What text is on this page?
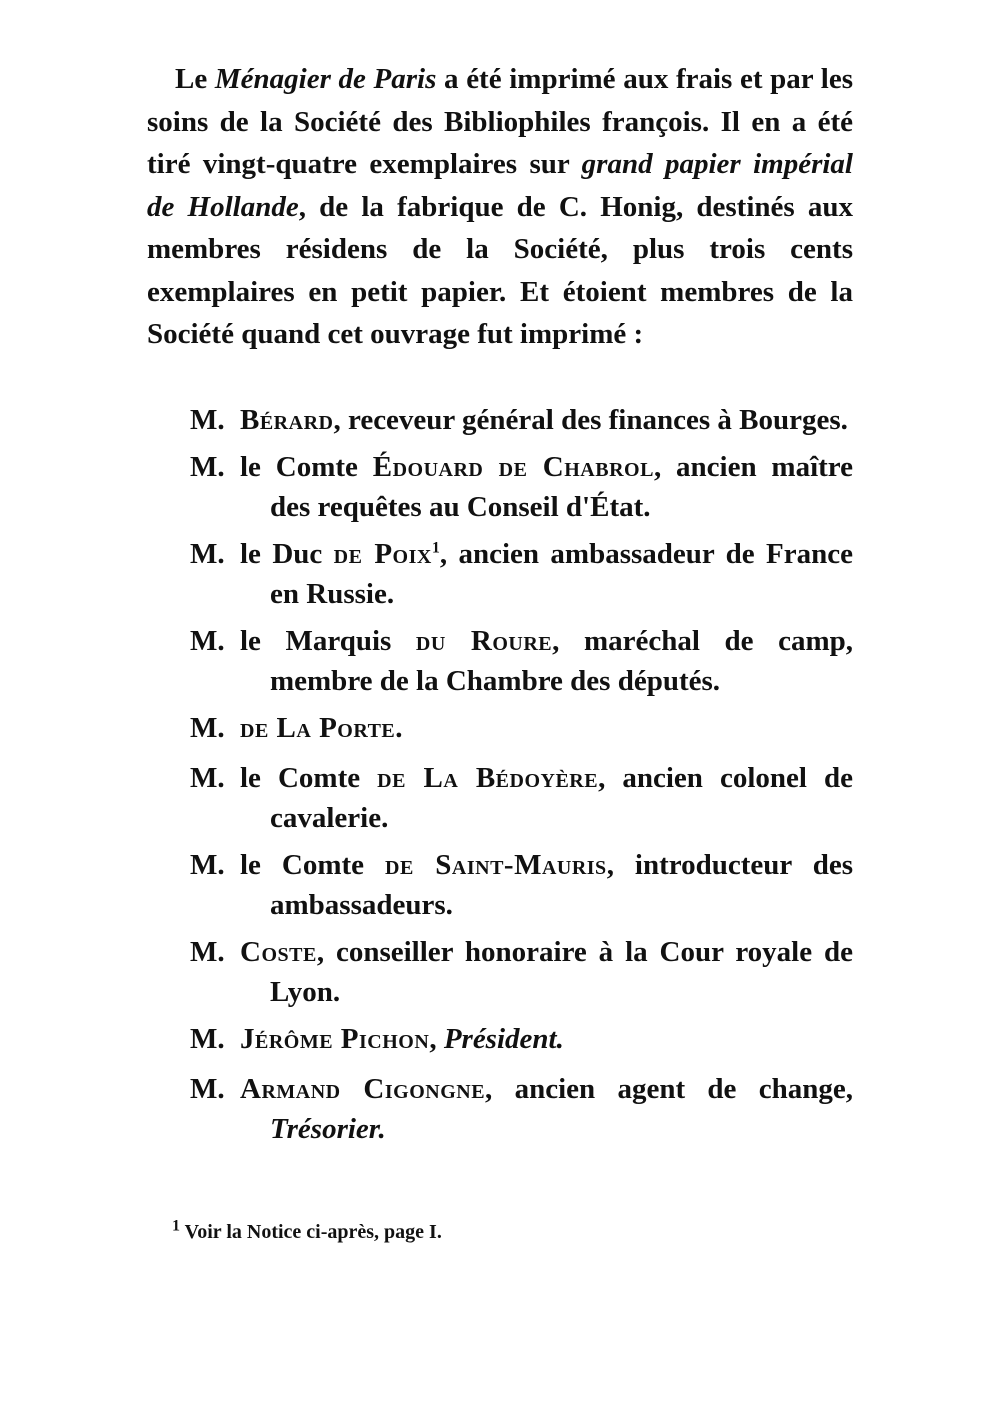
Le Ménagier de Paris a été imprimé aux frais et par les soins de la Société des Bibliophiles françois. Il en a été tiré vingt-quatre exemplaires sur grand papier impérial de Hollande, de la fabrique de C. Honig, destinés aux membres résidens de la Société, plus trois cents exemplaires en petit papier. Et étoient membres de la Société quand cet ouvrage fut imprimé :

M. Bérard, receveur général des finances à Bourges.
M. le Comte Édouard de Chabrol, ancien maître des requêtes au Conseil d'État.
M. le Duc de Poix$^1$, ancien ambassadeur de France en Russie.
M. le Marquis du Roure, maréchal de camp, membre de la Chambre des députés.
M. de La Porte.
M. le Comte de La Bédoyère, ancien colonel de cavalerie.
M. le Comte de Saint-Mauris, introducteur des ambassadeurs.
M. Coste, conseiller honoraire à la Cour royale de Lyon.
M. Jérôme Pichon, Président.
M. Armand Cigongne, ancien agent de change, Trésorier.

$^1$ Voir la Notice ci-après, page I.
